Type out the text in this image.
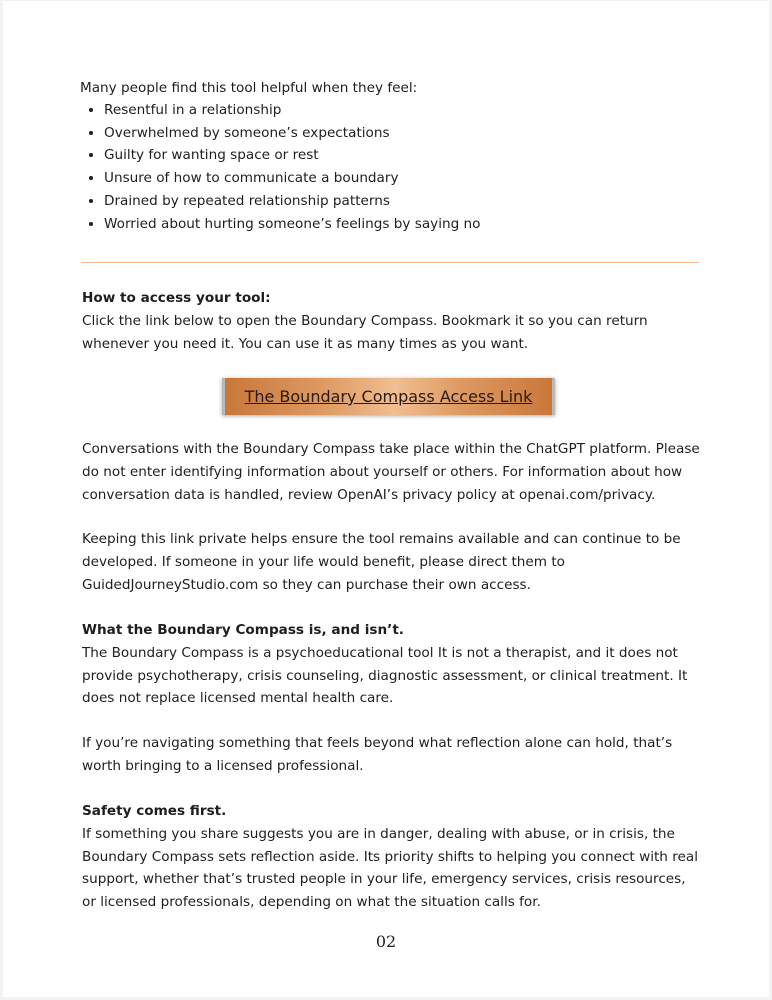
Many people find this tool helpful when they feel:
• Resentful in a relationship
• Overwhelmed by someone’s expectations
• Guilty for wanting space or rest
• Unsure of how to communicate a boundary
• Drained by repeated relationship patterns
• Worried about hurting someone’s feelings by saying no

How to access your tool:

Click the link below to open the Boundary Compass. Bookmark it so you can return whenever you need it. You can use it as many times as you want.

The Boundary Compass Access Link

Conversations with the Boundary Compass take place within the ChatGPT platform. Please do not enter identifying information about yourself or others. For information about how conversation data is handled, review OpenAI’s privacy policy at openai.com/privacy.

Keeping this link private helps ensure the tool remains available and can continue to be developed. If someone in your life would benefit, please direct them to GuidedJourneyStudio.com so they can purchase their own access.

What the Boundary Compass is, and isn’t.

The Boundary Compass is a psychoeducational tool It is not a therapist, and it does not provide psychotherapy, crisis counseling, diagnostic assessment, or clinical treatment. It does not replace licensed mental health care.

If you’re navigating something that feels beyond what reflection alone can hold, that’s worth bringing to a licensed professional.

Safety comes first.

If something you share suggests you are in danger, dealing with abuse, or in crisis, the Boundary Compass sets reflection aside. Its priority shifts to helping you connect with real support, whether that’s trusted people in your life, emergency services, crisis resources, or licensed professionals, depending on what the situation calls for.

02
